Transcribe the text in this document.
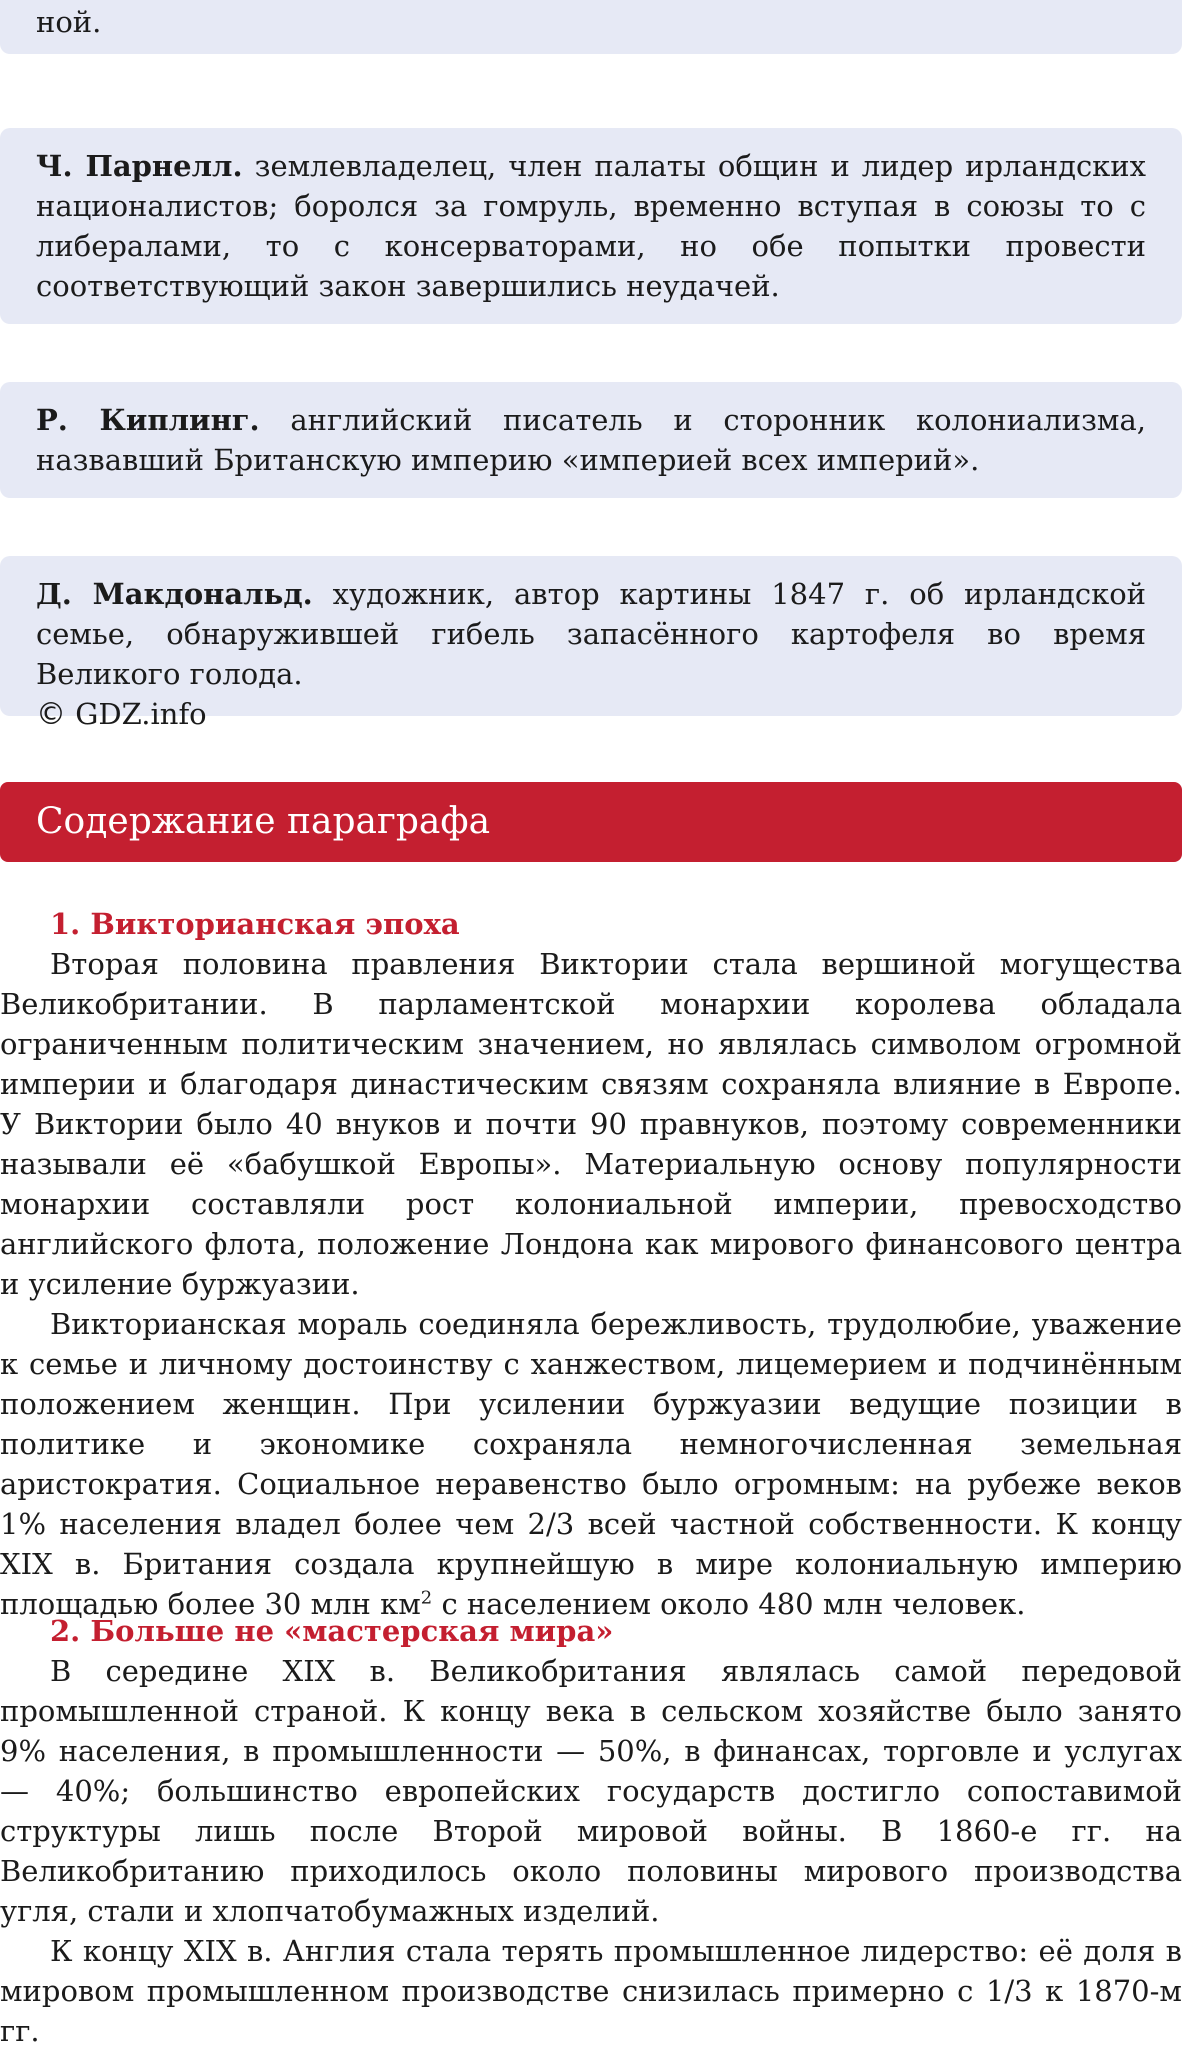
ной.

Ч. Парнелл. землевладелец, член палаты общин и лидер ирландских националистов; боролся за гомруль, временно вступая в союзы то с либералами, то с консерваторами, но обе попытки провести соответствующий закон завершились неудачей.

Р. Киплинг. английский писатель и сторонник колониализма, назвавший Британскую империю «империей всех империй».

Д. Макдональд. художник, автор картины 1847 г. об ирландской семье, обнаружившей гибель запасённого картофеля во время Великого голода.
© GDZ.info

Содержание параграфа
1. Викторианская эпоха

Вторая половина правления Виктории стала вершиной могущества Великобритании. В парламентской монархии королева обладала ограниченным политическим значением, но являлась символом огромной империи и благодаря династическим связям сохраняла влияние в Европе. У Виктории было 40 внуков и почти 90 правнуков, поэтому современники называли её «бабушкой Европы». Материальную основу популярности монархии составляли рост колониальной империи, превосходство английского флота, положение Лондона как мирового финансового центра и усиление буржуазии.

Викторианская мораль соединяла бережливость, трудолюбие, уважение к семье и личному достоинству с ханжеством, лицемерием и подчинённым положением женщин. При усилении буржуазии ведущие позиции в политике и экономике сохраняла немногочисленная земельная аристократия. Социальное неравенство было огромным: на рубеже веков 1% населения владел более чем 2/3 всей частной собственности. К концу XIX в. Британия создала крупнейшую в мире колониальную империю площадью более 30 млн $км^2$ с населением около 480 млн человек.

2. Больше не «мастерская мира»

В середине XIX в. Великобритания являлась самой передовой промышленной страной. К концу века в сельском хозяйстве было занято 9% населения, в промышленности — 50%, в финансах, торговле и услугах — 40%; большинство европейских государств достигло сопоставимой структуры лишь после Второй мировой войны. В 1860-е гг. на Великобританию приходилось около половины мирового производства угля, стали и хлопчатобумажных изделий.

К концу XIX в. Англия стала терять промышленное лидерство: её доля в мировом промышленном производстве снизилась примерно с 1/3 к 1870-м гг.
